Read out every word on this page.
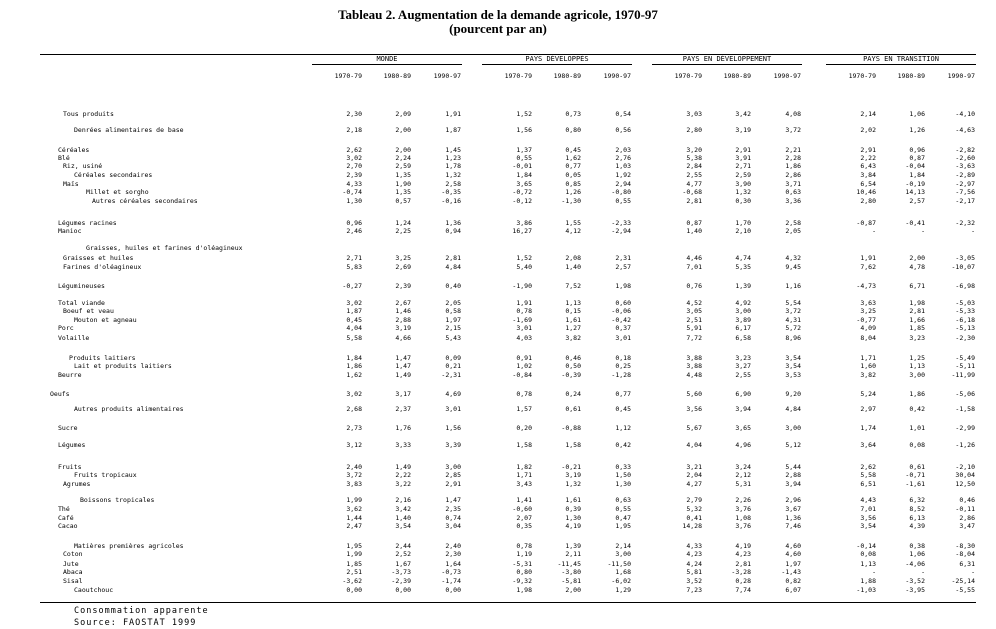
Tableau 2. Augmentation de la demande agricole, 1970-97
(pourcent par an)
MONDE
1970-79	1980-89	1990-97
PAYS DÉVELOPPÉS
1970-79	1980-89	1990-97
PAYS EN DÉVELOPPEMENT
1970-79	1980-89	1990-97
PAYS EN TRANSITION
1970-79	1980-89	1990-97
Tous produits	2,30	2,09	1,91	1,52	0,73	0,54	3,03	3,42	4,08	2,14	1,06	-4,10
Denrées alimentaires de base	2,18	2,00	1,87	1,56	0,80	0,56	2,80	3,19	3,72	2,02	1,26	-4,63
Céréales	2,62	2,00	1,45	1,37	0,45	2,03	3,20	2,91	2,21	2,91	0,96	-2,82
Blé	3,02	2,24	1,23	0,55	1,62	2,76	5,38	3,91	2,28	2,22	0,87	-2,60
Riz, usiné	2,70	2,59	1,78	-0,01	0,77	1,03	2,84	2,71	1,86	6,43	-0,04	-3,63
Céréales secondaires	2,39	1,35	1,32	1,84	0,05	1,92	2,55	2,59	2,86	3,84	1,84	-2,89
Maïs	4,33	1,90	2,58	3,65	0,85	2,94	4,77	3,90	3,71	6,54	-0,19	-2,97
Millet et sorgho	-0,74	1,35	-0,35	-0,72	1,26	-0,80	-0,68	1,32	0,63	10,46	14,13	-7,56
Autres céréales secondaires	1,30	0,57	-0,16	-0,12	-1,30	0,55	2,81	0,30	3,36	2,80	2,57	-2,17
Légumes racines	0,96	1,24	1,36	3,86	1,55	-2,33	0,87	1,70	2,58	-0,87	-0,41	-2,32
Manioc	2,46	2,25	0,94	16,27	4,12	-2,94	1,40	2,10	2,05	-	-	-
Graisses, huiles et farines d'oléagineux
Graisses et huiles	2,71	3,25	2,81	1,52	2,08	2,31	4,46	4,74	4,32	1,91	2,00	-3,05
Farines d'oléagineux	5,83	2,69	4,84	5,40	1,40	2,57	7,01	5,35	9,45	7,62	4,78	-10,07
Légumineuses	-0,27	2,39	0,40	-1,90	7,52	1,98	0,76	1,39	1,16	-4,73	6,71	-6,98
Total viande	3,02	2,67	2,05	1,91	1,13	0,60	4,52	4,92	5,54	3,63	1,98	-5,03
Boeuf et veau	1,87	1,46	0,58	0,78	0,15	-0,06	3,05	3,00	3,72	3,25	2,81	-5,33
Mouton et agneau	0,45	2,88	1,97	-1,69	1,61	-0,42	2,51	3,89	4,31	-0,77	1,66	-6,18
Porc	4,04	3,19	2,15	3,01	1,27	0,37	5,91	6,17	5,72	4,09	1,85	-5,13
Volaille	5,58	4,66	5,43	4,03	3,82	3,01	7,72	6,58	8,96	8,04	3,23	-2,30
Produits laitiers	1,84	1,47	0,09	0,91	0,46	0,18	3,88	3,23	3,54	1,71	1,25	-5,49
Lait et produits laitiers	1,86	1,47	0,21	1,02	0,50	0,25	3,88	3,27	3,54	1,60	1,13	-5,11
Beurre	1,62	1,49	-2,31	-0,84	-0,39	-1,28	4,48	2,55	3,53	3,82	3,00	-11,99
Oeufs	3,02	3,17	4,69	0,78	0,24	0,77	5,60	6,90	9,20	5,24	1,86	-5,06
Autres produits alimentaires	2,68	2,37	3,01	1,57	0,61	0,45	3,56	3,94	4,84	2,97	0,42	-1,58
Sucre	2,73	1,76	1,56	0,20	-0,88	1,12	5,67	3,65	3,00	1,74	1,01	-2,99
Légumes	3,12	3,33	3,39	1,58	1,58	0,42	4,04	4,96	5,12	3,64	0,08	-1,26
Fruits	2,40	1,49	3,00	1,82	-0,21	0,33	3,21	3,24	5,44	2,62	0,61	-2,10
Fruits tropicaux	3,72	2,22	2,85	1,71	3,19	1,50	2,04	2,12	2,88	5,58	-0,71	30,04
Agrumes	3,83	3,22	2,91	3,43	1,32	1,30	4,27	5,31	3,94	6,51	-1,61	12,50
Boissons tropicales	1,99	2,16	1,47	1,41	1,61	0,63	2,79	2,26	2,96	4,43	6,32	0,46
Thé	3,62	3,42	2,35	-0,60	0,39	0,55	5,32	3,76	3,67	7,01	8,52	-0,11
Café	1,44	1,40	0,74	2,07	1,30	0,47	0,41	1,08	1,36	3,56	6,13	2,86
Cacao	2,47	3,54	3,04	0,35	4,19	1,95	14,28	3,76	7,46	3,54	4,39	3,47
Matières premières agricoles	1,95	2,44	2,40	0,78	1,39	2,14	4,33	4,19	4,60	-0,14	0,38	-8,30
Coton	1,99	2,52	2,30	1,19	2,11	3,00	4,23	4,23	4,60	0,08	1,06	-8,04
Jute	1,85	1,67	1,64	-5,31	-11,45	-11,50	4,24	2,81	1,97	1,13	-4,06	6,31
Abaca	2,51	-3,73	-0,73	0,80	-3,80	1,68	5,81	-3,28	-1,43	-	-	-
Sisal	-3,62	-2,39	-1,74	-9,32	-5,81	-6,02	3,52	0,28	0,82	1,88	-3,52	-25,14
Caoutchouc	0,00	0,00	0,00	1,98	2,00	1,29	7,23	7,74	6,07	-1,03	-3,95	-5,55
Consommation apparente
Source: FAOSTAT 1999
